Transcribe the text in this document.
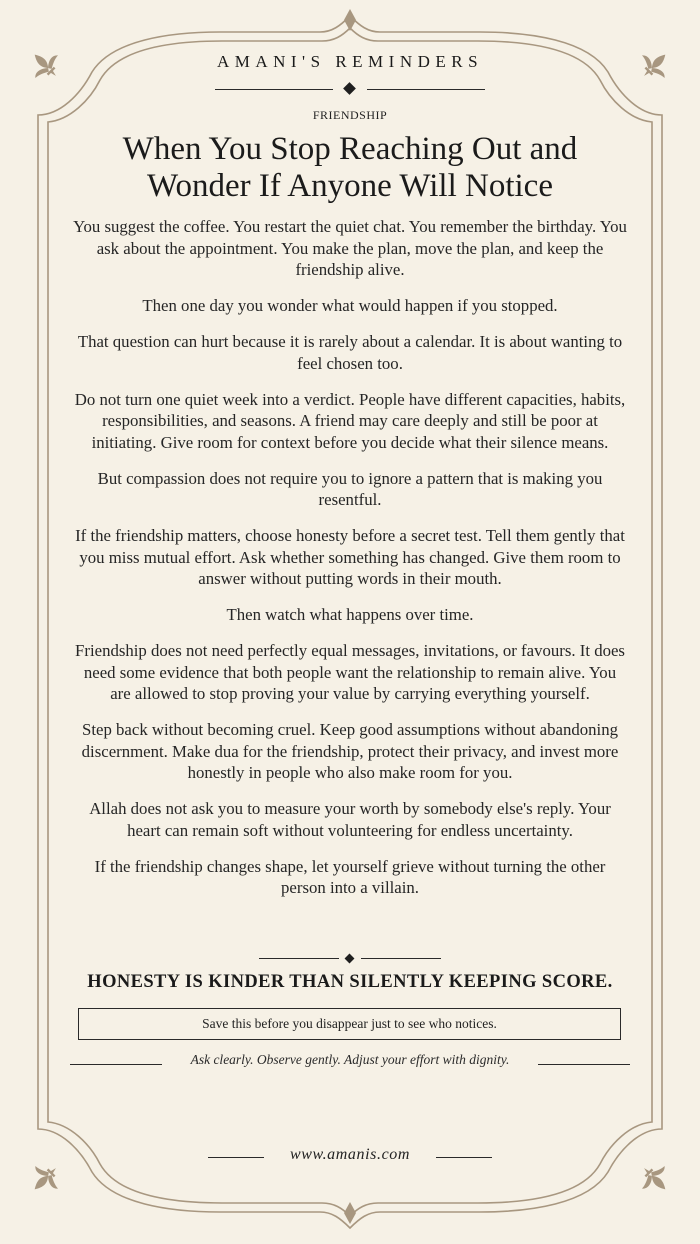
AMANI'S REMINDERS
FRIENDSHIP
When You Stop Reaching Out and
Wonder If Anyone Will Notice

You suggest the coffee. You restart the quiet chat. You remember the birthday. You ask about the appointment. You make the plan, move the plan, and keep the friendship alive.

Then one day you wonder what would happen if you stopped.

That question can hurt because it is rarely about a calendar. It is about wanting to feel chosen too.

Do not turn one quiet week into a verdict. People have different capacities, habits, responsibilities, and seasons. A friend may care deeply and still be poor at initiating. Give room for context before you decide what their silence means.

But compassion does not require you to ignore a pattern that is making you resentful.

If the friendship matters, choose honesty before a secret test. Tell them gently that you miss mutual effort. Ask whether something has changed. Give them room to answer without putting words in their mouth.

Then watch what happens over time.

Friendship does not need perfectly equal messages, invitations, or favours. It does need some evidence that both people want the relationship to remain alive. You are allowed to stop proving your value by carrying everything yourself.

Step back without becoming cruel. Keep good assumptions without abandoning discernment. Make dua for the friendship, protect their privacy, and invest more honestly in people who also make room for you.

Allah does not ask you to measure your worth by somebody else's reply. Your heart can remain soft without volunteering for endless uncertainty.

If the friendship changes shape, let yourself grieve without turning the other person into a villain.

HONESTY IS KINDER THAN SILENTLY KEEPING SCORE.
Save this before you disappear just to see who notices.
Ask clearly. Observe gently. Adjust your effort with dignity.
www.amanis.com
